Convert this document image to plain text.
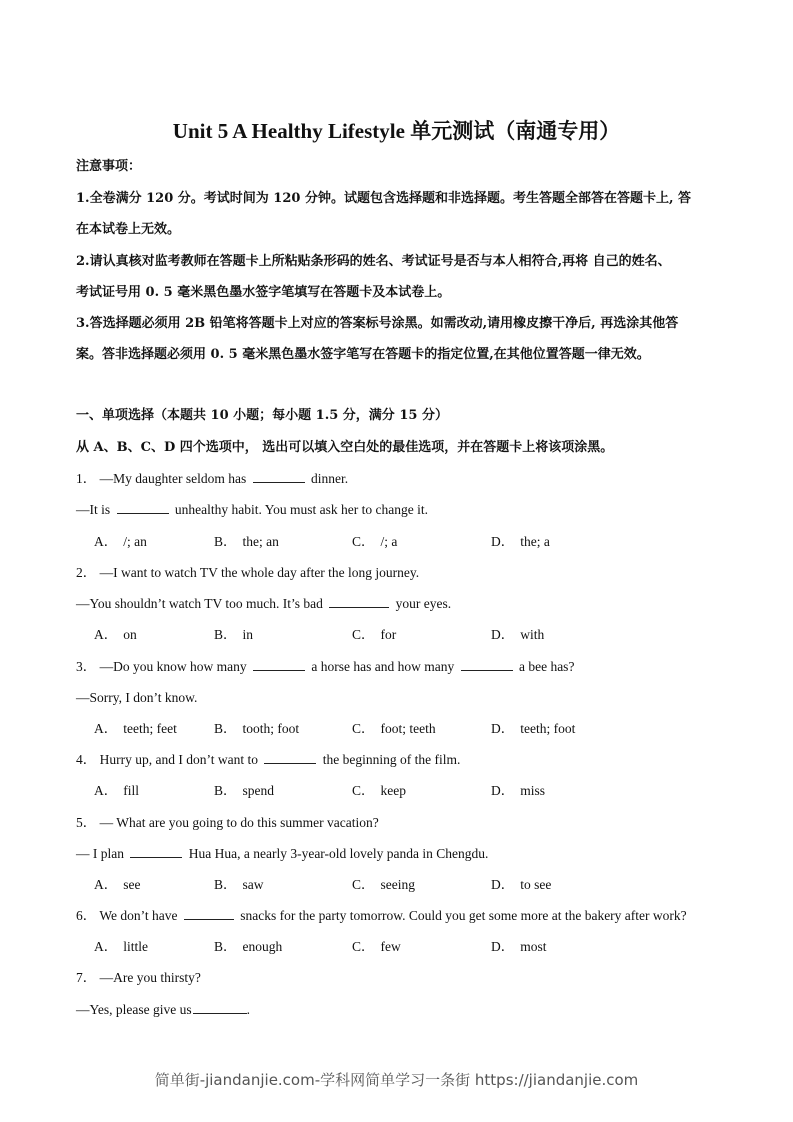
Unit 5 A Healthy Lifestyle 单元测试（南通专用）
注意事项：
1.全卷满分 120 分。考试时间为 120 分钟。试题包含选择题和非选择题。考生答题全部答在答题卡上, 答
在本试卷上无效。
2.请认真核对监考教师在答题卡上所粘贴条形码的姓名、考试证号是否与本人相符合,再将 自己的姓名、
考试证号用 0. 5 毫米黑色墨水签字笔填写在答题卡及本试卷上。
3.答选择题必须用 2B 铅笔将答题卡上对应的答案标号涂黑。如需改动,请用橡皮擦干净后, 再选涂其他答
案。答非选择题必须用 0. 5 毫米黑色墨水签字笔写在答题卡的指定位置,在其他位置答题一律无效。
一、单项选择（本题共 10 小题；每小题 1.5 分，满分 15 分）
从 A、B、C、D 四个选项中， 选出可以填入空白处的最佳选项，并在答题卡上将该项涂黑。
1． —My daughter seldom has	dinner.
—It is	unhealthy habit. You must ask her to change it.
A． /; an	B． the; an	C． /; a	D． the; a
2． —I want to watch TV the whole day after the long journey.
—You shouldn’t watch TV too much. It’s bad	your eyes.
A． on	B． in	C． for	D． with
3． —Do you know how many	a horse has and how many	a bee has?
—Sorry, I don’t know.
A． teeth; feet	B． tooth; foot	C． foot; teeth	D． teeth; foot
4． Hurry up, and I don’t want to	the beginning of the film.
A． fill	B． spend	C． keep	D． miss
5． — What are you going to do this summer vacation?
— I plan	Hua Hua, a nearly 3-year-old lovely panda in Chengdu.
A． see	B． saw	C． seeing	D． to see
6． We don’t have	snacks for the party tomorrow. Could you get some more at the bakery after work?
A． little	B． enough	C． few	D． most
7． —Are you thirsty?
—Yes, please give us	.
简单街-jiandanjie.com-学科网简单学习一条街 https://jiandanjie.com
